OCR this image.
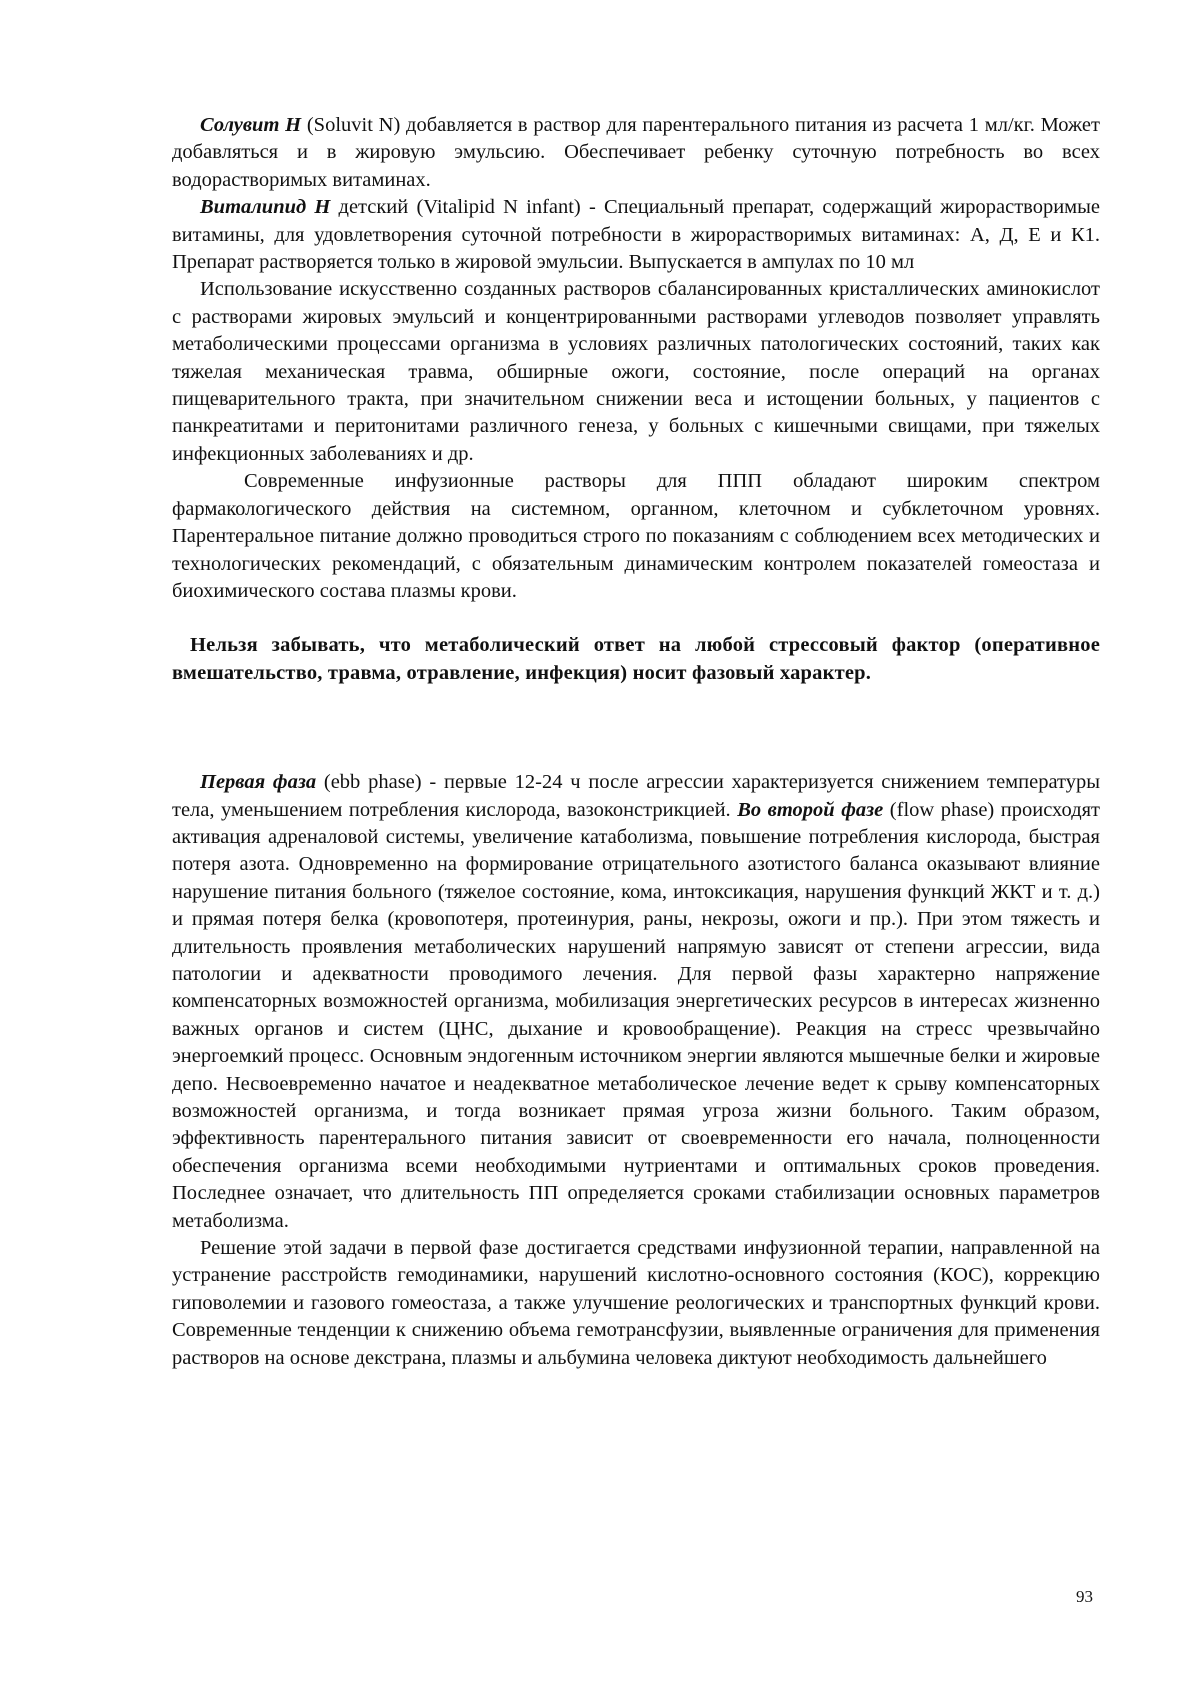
Солувит Н (Soluvit N) добавляется в раствор для парентерального питания из расчета 1 мл/кг. Может добавляться и в жировую эмульсию. Обеспечивает ребенку суточную потребность во всех водорастворимых витаминах.

Виталипид Н детский (Vitalipid N infant) - Специальный препарат, содержащий жирорастворимые витамины, для удовлетворения суточной потребности в жирорастворимых витаминах: А, Д, Е и К1. Препарат растворяется только в жировой эмульсии. Выпускается в ампулах по 10 мл

Использование искусственно созданных растворов сбалансированных кристаллических аминокислот с растворами жировых эмульсий и концентрированными растворами углеводов позволяет управлять метаболическими процессами организма в условиях различных патологических состояний, таких как тяжелая механическая травма, обширные ожоги, состояние, после операций на органах пищеварительного тракта, при значительном снижении веса и истощении больных, у пациентов с панкреатитами и перитонитами различного генеза, у больных с кишечными свищами, при тяжелых инфекционных заболеваниях и др.

Современные инфузионные растворы для ППП обладают широким спектром фармакологического действия на системном, органном, клеточном и субклеточном уровнях. Парентеральное питание должно проводиться строго по показаниям с соблюдением всех методических и технологических рекомендаций, с обязательным динамическим контролем показателей гомеостаза и биохимического состава плазмы крови.

Нельзя забывать, что метаболический ответ на любой стрессовый фактор (оперативное вмешательство, травма, отравление, инфекция) носит фазовый характер.

Первая фаза (ebb phase) - первые 12-24 ч после агрессии характеризуется снижением температуры тела, уменьшением потребления кислорода, вазоконстрикцией. Во второй фазе (flow phase) происходят активация адреналовой системы, увеличение катаболизма, повышение потребления кислорода, быстрая потеря азота. Одновременно на формирование отрицательного азотистого баланса оказывают влияние нарушение питания больного (тяжелое состояние, кома, интоксикация, нарушения функций ЖКТ и т. д.) и прямая потеря белка (кровопотеря, протеинурия, раны, некрозы, ожоги и пр.). При этом тяжесть и длительность проявления метаболических нарушений напрямую зависят от степени агрессии, вида патологии и адекватности проводимого лечения. Для первой фазы характерно напряжение компенсаторных возможностей организма, мобилизация энергетических ресурсов в интересах жизненно важных органов и систем (ЦНС, дыхание и кровообращение). Реакция на стресс чрезвычайно энергоемкий процесс. Основным эндогенным источником энергии являются мышечные белки и жировые депо. Несвоевременно начатое и неадекватное метаболическое лечение ведет к срыву компенсаторных возможностей организма, и тогда возникает прямая угроза жизни больного. Таким образом, эффективность парентерального питания зависит от своевременности его начала, полноценности обеспечения организма всеми необходимыми нутриентами и оптимальных сроков проведения. Последнее означает, что длительность ПП определяется сроками стабилизации основных параметров метаболизма.

Решение этой задачи в первой фазе достигается средствами инфузионной терапии, направленной на устранение расстройств гемодинамики, нарушений кислотно-основного состояния (КОС), коррекцию гиповолемии и газового гомеостаза, а также улучшение реологических и транспортных функций крови. Современные тенденции к снижению объема гемотрансфузии, выявленные ограничения для применения растворов на основе декстрана, плазмы и альбумина человека диктуют необходимость дальнейшего

93
